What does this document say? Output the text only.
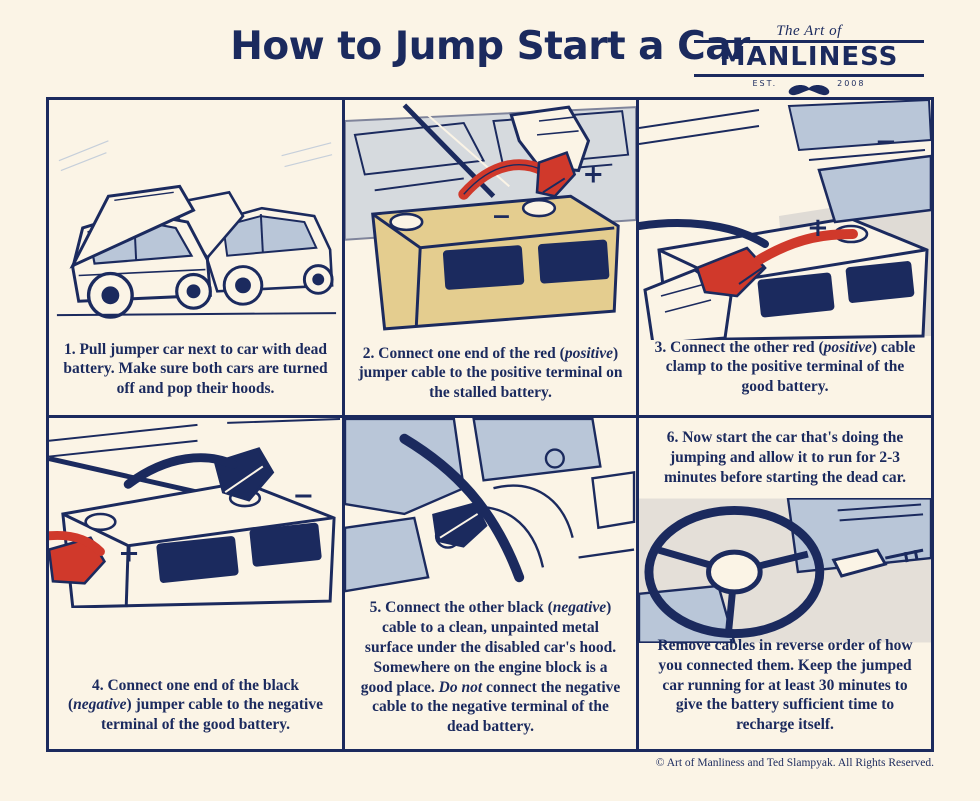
How to Jump Start a Car	The Art of
MANLINESS
EST.	2008
1. Pull jumper car next to car with dead battery. Make sure both cars are turned off and pop their hoods.
−
+
2. Connect one end of the red (positive) jumper cable to the positive terminal on the stalled battery.
−
+
3. Connect the other red (positive) cable clamp to the positive terminal of the good battery.
−
+
4. Connect one end of the black (negative) jumper cable to the negative terminal of the good battery.
5. Connect the other black (negative) cable to a clean, unpainted metal surface under the disabled car's hood. Somewhere on the engine block is a good place. Do not connect the negative cable to the negative terminal of the dead battery.
6. Now start the car that's doing the jumping and allow it to run for 2-3 minutes before starting the dead car.
Remove cables in reverse order of how you connected them. Keep the jumped car running for at least 30 minutes to give the battery sufficient time to recharge itself.
© Art of Manliness and Ted Slampyak. All Rights Reserved.
